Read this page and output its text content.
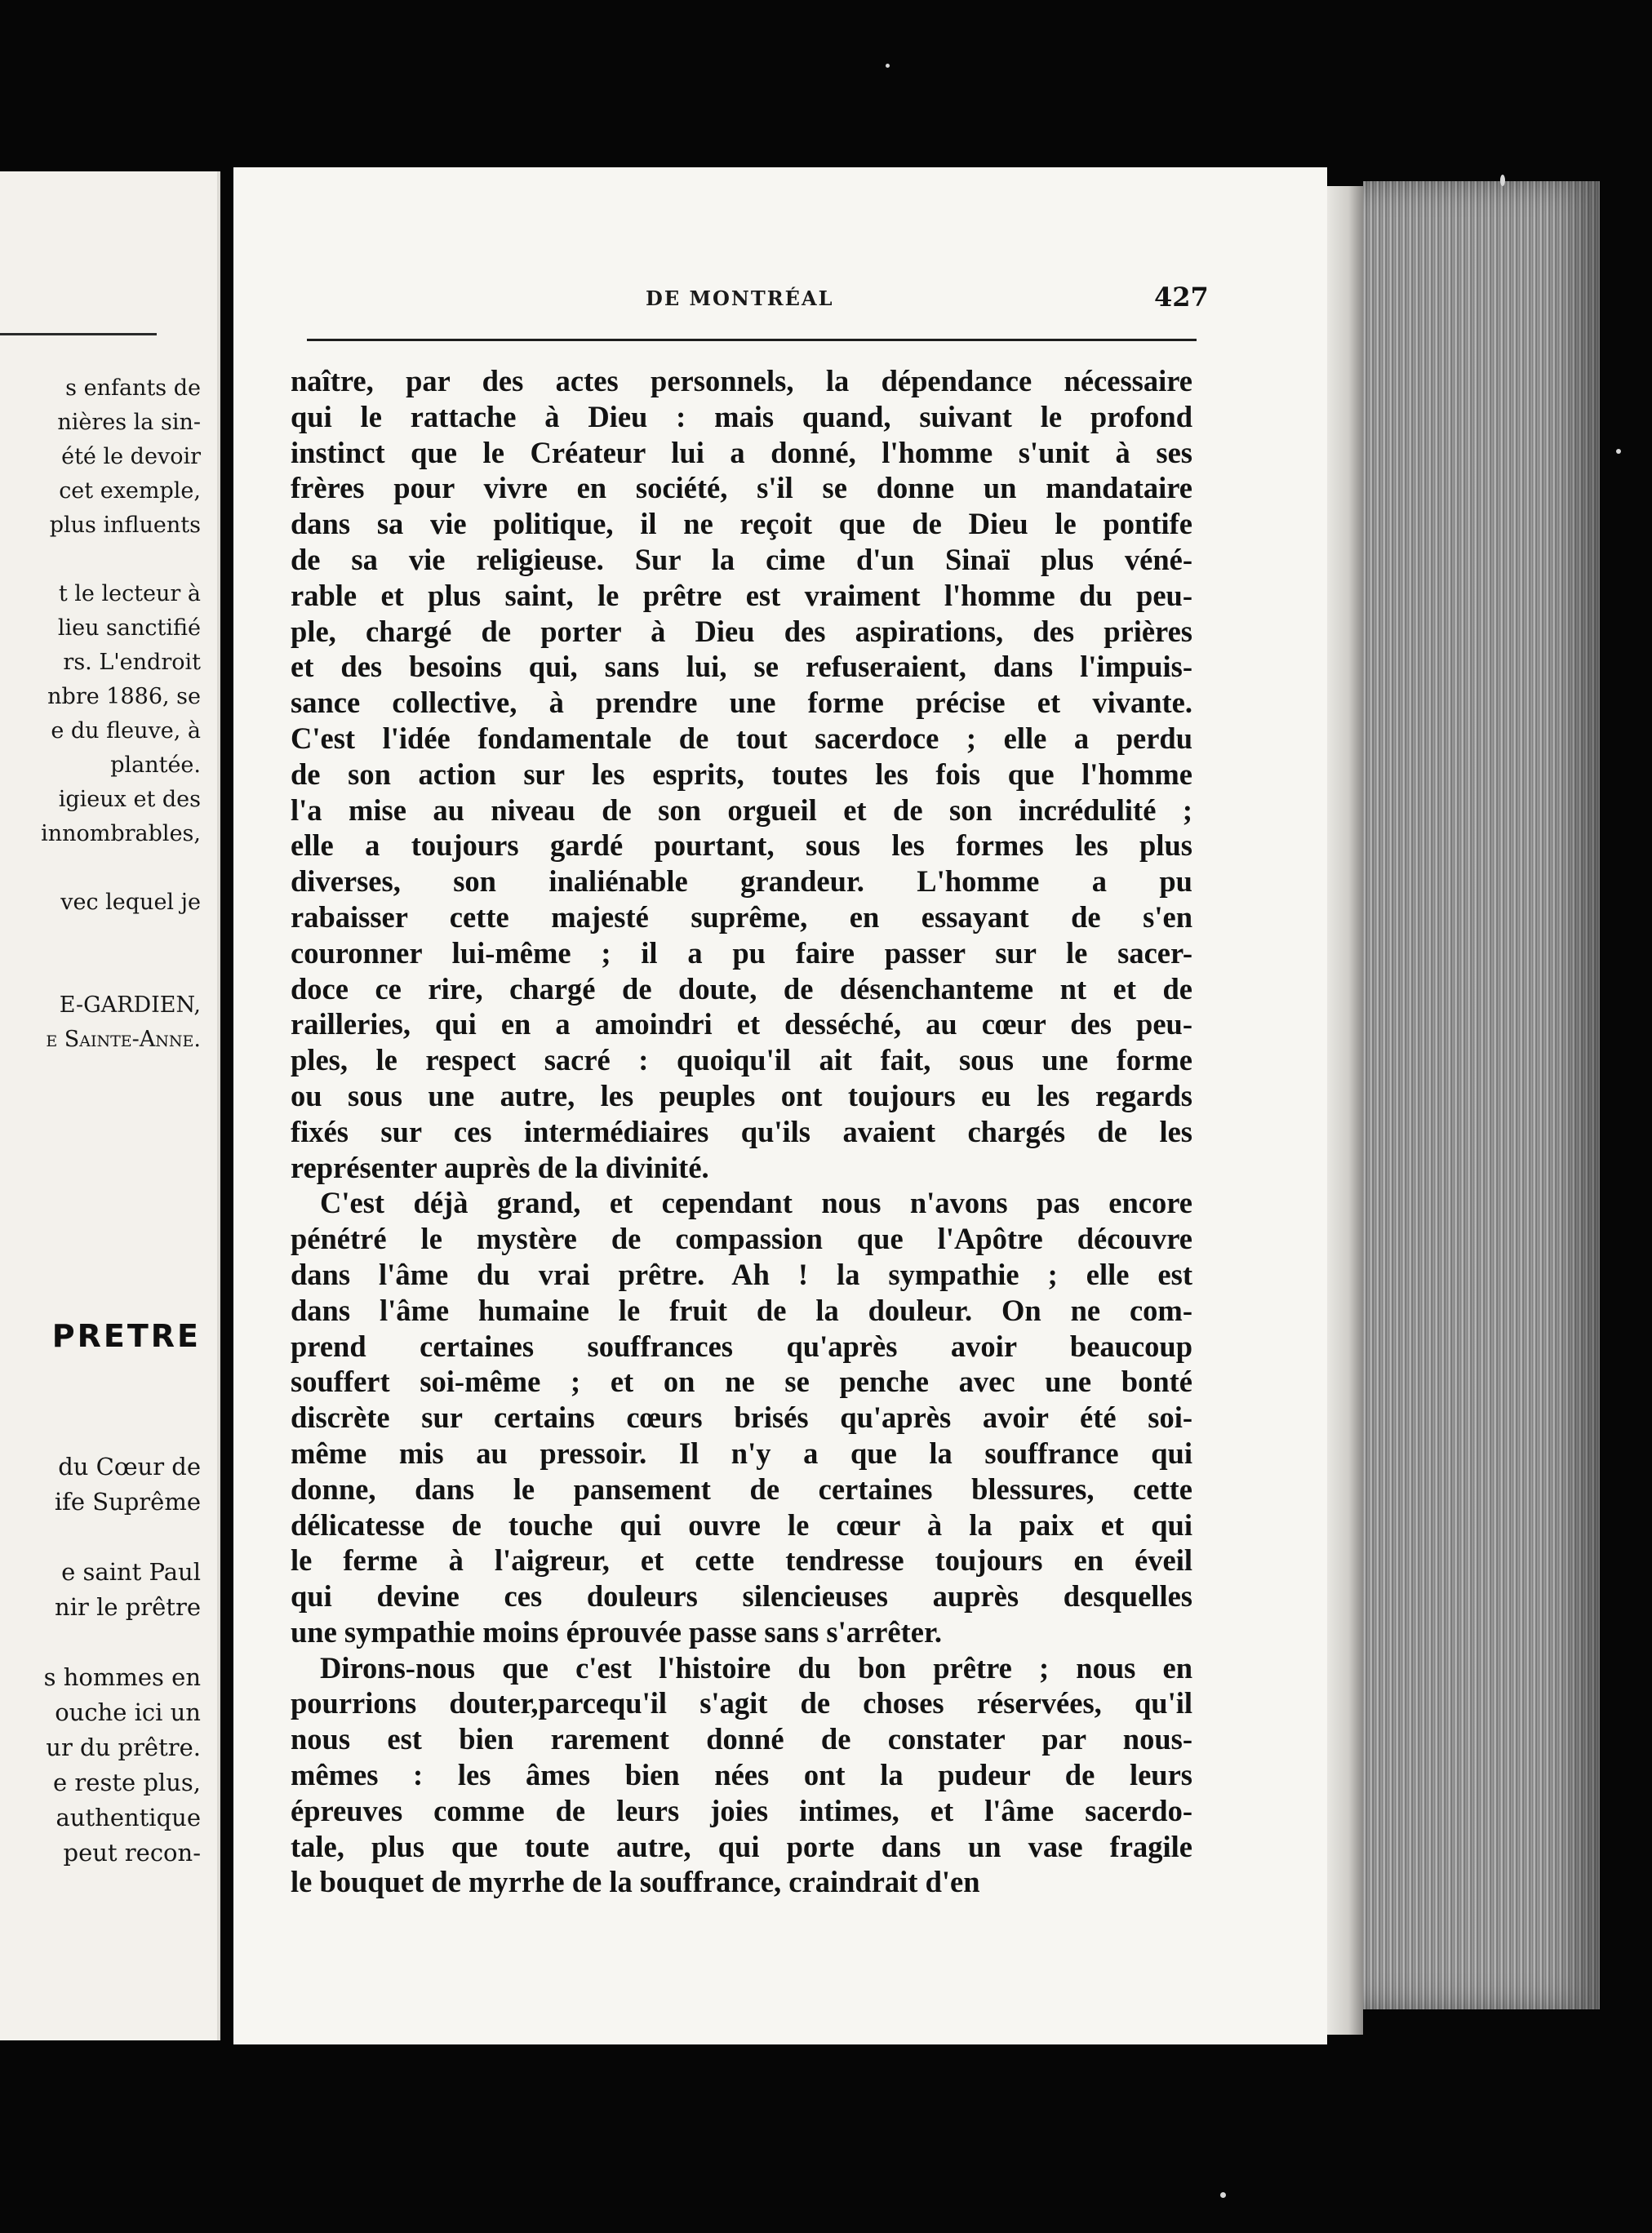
s enfants de
nières la sin-
été le devoir
cet exemple,
plus influents
t le lecteur à
lieu sanctifié
rs. L'endroit
nbre 1886, se
e du fleuve, à
plantée.
igieux et des
innombrables,
vec lequel je
E-GARDIEN,
e Sainte-Anne.
PRETRE
du Cœur de
ife Suprême
e saint Paul
nir le prêtre
s hommes en
ouche ici un
ur du prêtre.
e reste plus,
authentique
peut recon-
DE MONTRÉAL	427
naître, par des actes personnels, la dépendance nécessaire
qui le rattache à Dieu : mais quand, suivant le profond
instinct que le Créateur lui a donné, l'homme s'unit à ses
frères pour vivre en société, s'il se donne un mandataire
dans sa vie politique, il ne reçoit que de Dieu le pontife
de sa vie religieuse. Sur la cime d'un Sinaï plus véné-
rable et plus saint, le prêtre est vraiment l'homme du peu-
ple, chargé de porter à Dieu des aspirations, des prières
et des besoins qui, sans lui, se refuseraient, dans l'impuis-
sance collective, à prendre une forme précise et vivante.
C'est l'idée fondamentale de tout sacerdoce ; elle a perdu
de son action sur les esprits, toutes les fois que l'homme
l'a mise au niveau de son orgueil et de son incrédulité ;
elle a toujours gardé pourtant, sous les formes les plus
diverses, son inaliénable grandeur. L'homme a pu
rabaisser cette majesté suprême, en essayant de s'en
couronner lui-même ; il a pu faire passer sur le sacer-
doce ce rire, chargé de doute, de désenchanteme nt et de
railleries, qui en a amoindri et desséché, au cœur des peu-
ples, le respect sacré : quoiqu'il ait fait, sous une forme
ou sous une autre, les peuples ont toujours eu les regards
fixés sur ces intermédiaires qu'ils avaient chargés de les
représenter auprès de la divinité.
C'est déjà grand, et cependant nous n'avons pas encore
pénétré le mystère de compassion que l'Apôtre découvre
dans l'âme du vrai prêtre. Ah ! la sympathie ; elle est
dans l'âme humaine le fruit de la douleur. On ne com-
prend certaines souffrances qu'après avoir beaucoup
souffert soi-même ; et on ne se penche avec une bonté
discrète sur certains cœurs brisés qu'après avoir été soi-
même mis au pressoir. Il n'y a que la souffrance qui
donne, dans le pansement de certaines blessures, cette
délicatesse de touche qui ouvre le cœur à la paix et qui
le ferme à l'aigreur, et cette tendresse toujours en éveil
qui devine ces douleurs silencieuses auprès desquelles
une sympathie moins éprouvée passe sans s'arrêter.
Dirons-nous que c'est l'histoire du bon prêtre ; nous en
pourrions douter,parcequ'il s'agit de choses réservées, qu'il
nous est bien rarement donné de constater par nous-
mêmes : les âmes bien nées ont la pudeur de leurs
épreuves comme de leurs joies intimes, et l'âme sacerdo-
tale, plus que toute autre, qui porte dans un vase fragile
le bouquet de myrrhe de la souffrance, craindrait d'en
